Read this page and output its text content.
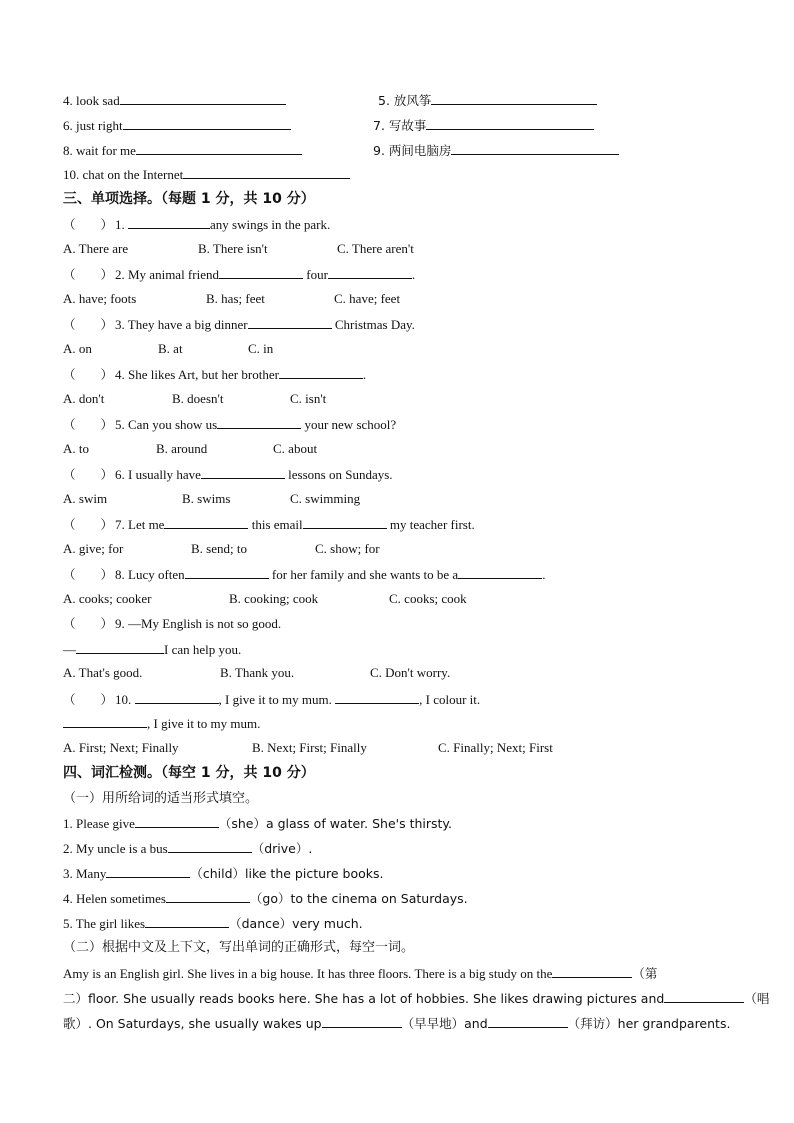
4. look sad	5. 放风筝
6. just right	7. 写故事
8. wait for me	9. 两间电脑房
10. chat on the Internet
三、单项选择。（每题 1 分，共 10 分）
（　　） 1.	any swings in the park.
A. There are	B. There isn't	C. There aren't
（　　） 2. My animal friend	four	.
A. have; foots	B. has; feet	C. have; feet
（　　） 3. They have a big dinner	Christmas Day.
A. on	B. at	C. in
（　　） 4. She likes Art, but her brother	.
A. don't	B. doesn't	C. isn't
（　　） 5. Can you show us	your new school?
A. to	B. around	C. about
（　　） 6. I usually have	lessons on Sundays.
A. swim	B. swims	C. swimming
（　　） 7. Let me	this email	my teacher first.
A. give; for	B. send; to	C. show; for
（　　） 8. Lucy often	for her family and she wants to be a	.
A. cooks; cooker	B. cooking; cook	C. cooks; cook
（　　） 9. —My English is not so good.
—	I can help you.
A. That's good.	B. Thank you.	C. Don't worry.
（　　） 10.	, I give it to my mum.	, I colour it.
, I give it to my mum.
A. First; Next; Finally	B. Next; First; Finally	C. Finally; Next; First
四、词汇检测。（每空 1 分，共 10 分）
（一）用所给词的适当形式填空。
1. Please give	（she）a glass of water. She's thirsty.
2. My uncle is a bus	（drive）.
3. Many	（child）like the picture books.
4. Helen sometimes	（go）to the cinema on Saturdays.
5. The girl likes	（dance）very much.
（二）根据中文及上下文，写出单词的正确形式，每空一词。
Amy is an English girl. She lives in a big house. It has three floors. There is a big study on the	（第
二）floor. She usually reads books here. She has a lot of hobbies. She likes drawing pictures and	（唱
歌）. On Saturdays, she usually wakes up	（早早地）and	（拜访）her grandparents.
